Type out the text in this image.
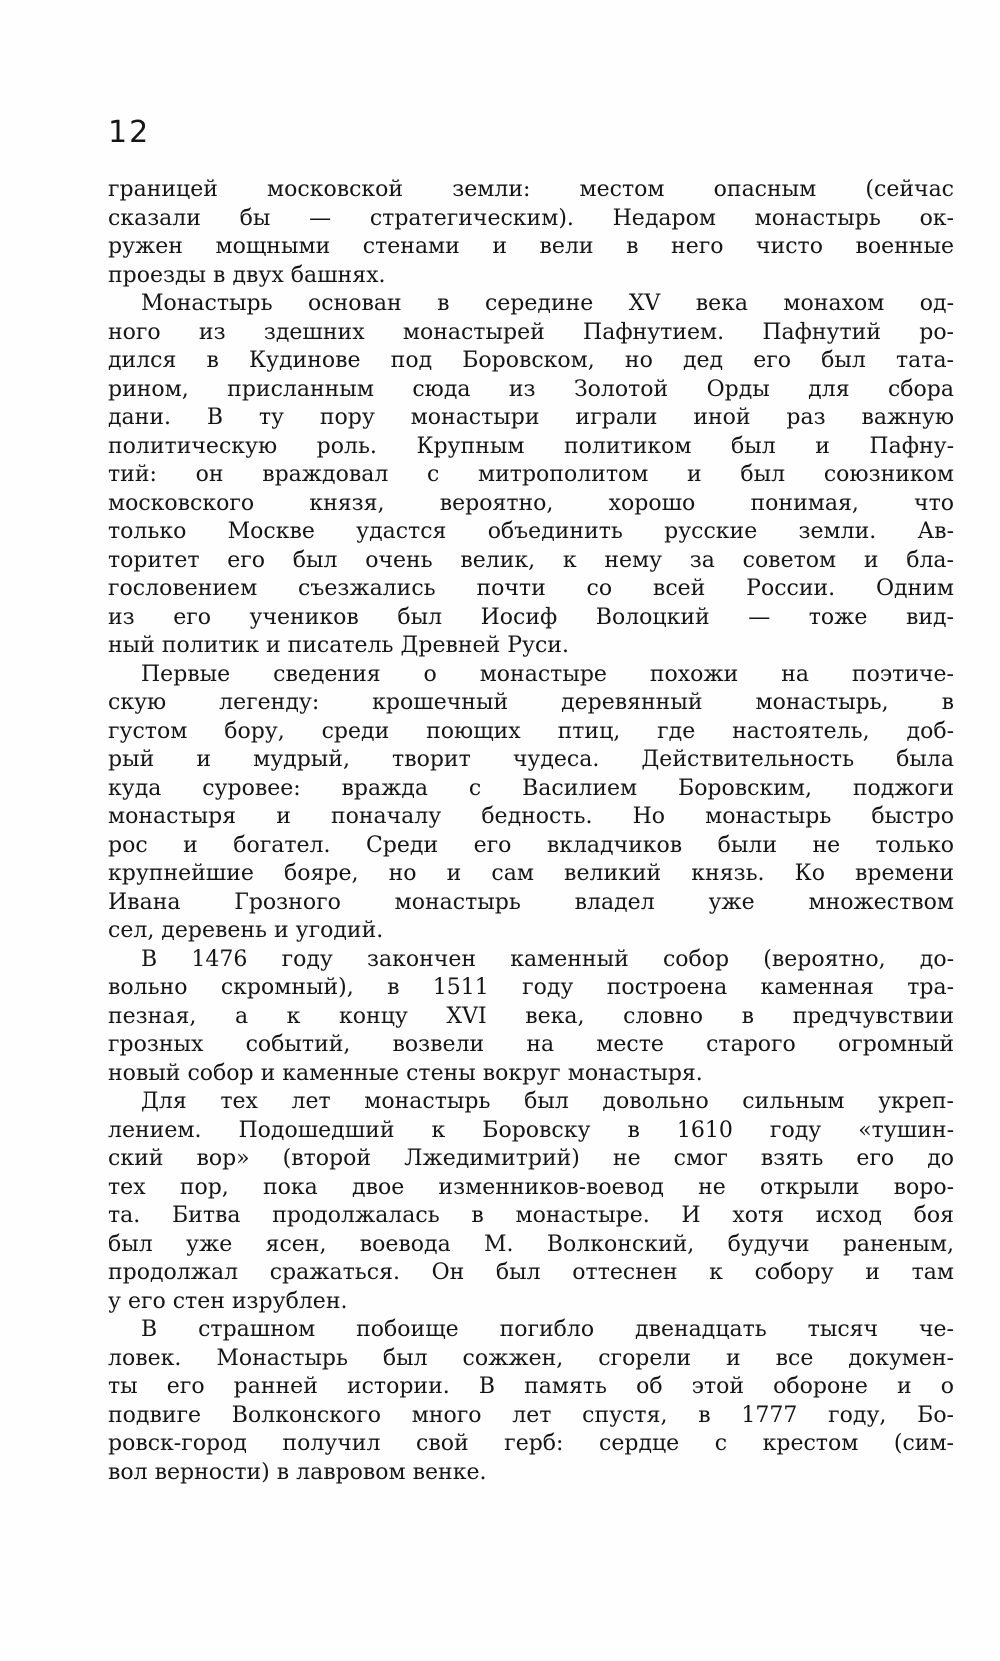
12
границей московской земли: местом опасным (сейчас
сказали бы — стратегическим). Недаром монастырь ок-
ружен мощными стенами и вели в него чисто военные
проезды в двух башнях.
Монастырь основан в середине XV века монахом од-
ного из здешних монастырей Пафнутием. Пафнутий ро-
дился в Кудинове под Боровском, но дед его был тата-
рином, присланным сюда из Золотой Орды для сбора
дани. В ту пору монастыри играли иной раз важную
политическую роль. Крупным политиком был и Пафну-
тий: он враждовал с митрополитом и был союзником
московского князя, вероятно, хорошо понимая, что
только Москве удастся объединить русские земли. Ав-
торитет его был очень велик, к нему за советом и бла-
гословением съезжались почти со всей России. Одним
из его учеников был Иосиф Волоцкий — тоже вид-
ный политик и писатель Древней Руси.
Первые сведения о монастыре похожи на поэтиче-
скую легенду: крошечный деревянный монастырь, в
густом бору, среди поющих птиц, где настоятель, доб-
рый и мудрый, творит чудеса. Действительность была
куда суровее: вражда с Василием Боровским, поджоги
монастыря и поначалу бедность. Но монастырь быстро
рос и богател. Среди его вкладчиков были не только
крупнейшие бояре, но и сам великий князь. Ко времени
Ивана Грозного монастырь владел уже множеством
сел, деревень и угодий.
В 1476 году закончен каменный собор (вероятно, до-
вольно скромный), в 1511 году построена каменная тра-
пезная, а к концу XVI века, словно в предчувствии
грозных событий, возвели на месте старого огромный
новый собор и каменные стены вокруг монастыря.
Для тех лет монастырь был довольно сильным укреп-
лением. Подошедший к Боровску в 1610 году «тушин-
ский вор» (второй Лжедимитрий) не смог взять его до
тех пор, пока двое изменников-воевод не открыли воро-
та. Битва продолжалась в монастыре. И хотя исход боя
был уже ясен, воевода М. Волконский, будучи раненым,
продолжал сражаться. Он был оттеснен к собору и там
у его стен изрублен.
В страшном побоище погибло двенадцать тысяч че-
ловек. Монастырь был сожжен, сгорели и все докумен-
ты его ранней истории. В память об этой обороне и о
подвиге Волконского много лет спустя, в 1777 году, Бо-
ровск-город получил свой герб: сердце с крестом (сим-
вол верности) в лавровом венке.
